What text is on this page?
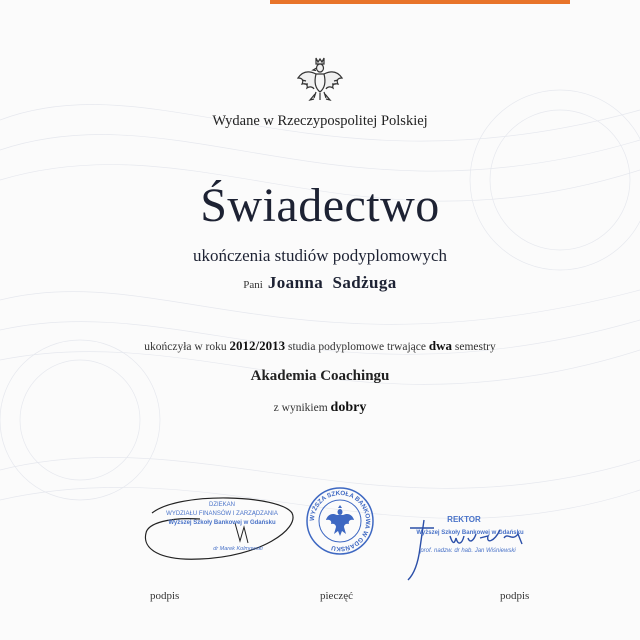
Wydane w Rzeczypospolitej Polskiej
Świadectwo
ukończenia studiów podyplomowych
Pani Joanna  Sadżuga
ukończyła w roku 2012/2013 studia podyplomowe trwające dwa semestry
Akademia Coachingu
z wynikiem dobry
DZIEKAN
WYDZIAŁU FINANSÓW I ZARZĄDZANIA
Wyższej Szkoły Bankowej w Gdańsku
dr Marek Kolmowski
WYŻSZA SZKOŁA BANKOWA W GDAŃSKU
REKTOR
Wyższej Szkoły Bankowej w Gdańsku
prof. nadzw. dr hab. Jan Wiśniewski
podpis	pieczęć	podpis
